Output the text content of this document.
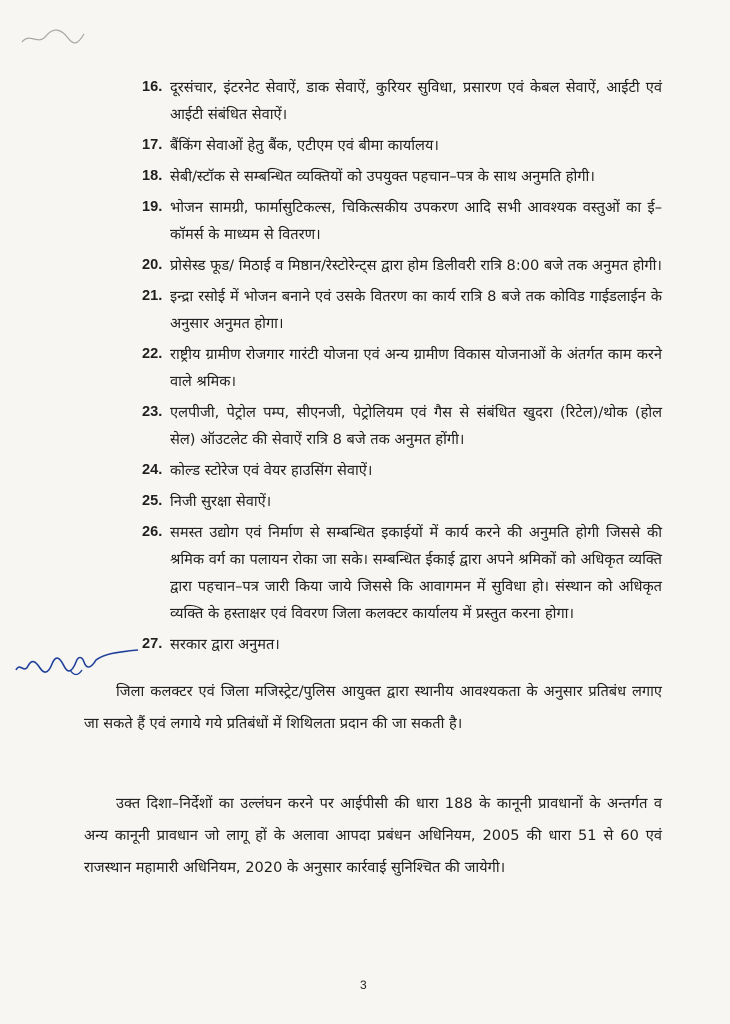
16. दूरसंचार, इंटरनेट सेवाऐं, डाक सेवाऐं, कुरियर सुविधा, प्रसारण एवं केबल सेवाऐं, आईटी एवं आईटी संबंधित सेवाऐं।
17. बैंकिंग सेवाओं हेतु बैंक, एटीएम एवं बीमा कार्यालय।
18. सेबी/स्टॉक से सम्बन्धित व्यक्तियों को उपयुक्त पहचान–पत्र के साथ अनुमति होगी।
19. भोजन सामग्री, फार्मासुटिकल्स, चिकित्सकीय उपकरण आदि सभी आवश्यक वस्तुओं का ई–कॉमर्स के माध्यम से वितरण।
20. प्रोसेस्ड फूड/ मिठाई व मिष्ठान/रेस्टोरेन्ट्स द्वारा होम डिलीवरी रात्रि 8:00 बजे तक अनुमत होगी।
21. इन्द्रा रसोई में भोजन बनाने एवं उसके वितरण का कार्य रात्रि 8 बजे तक कोविड गाईडलाईन के अनुसार अनुमत होगा।
22. राष्ट्रीय ग्रामीण रोजगार गारंटी योजना एवं अन्य ग्रामीण विकास योजनाओं के अंतर्गत काम करने वाले श्रमिक।
23. एलपीजी, पेट्रोल पम्प, सीएनजी, पेट्रोलियम एवं गैस से संबंधित खुदरा (रिटेल)/थोक (होल सेल) ऑउटलेट की सेवाऐं रात्रि 8 बजे तक अनुमत होंगी।
24. कोल्ड स्टोरेज एवं वेयर हाउसिंग सेवाऐं।
25. निजी सुरक्षा सेवाऐं।
26. समस्त उद्योग एवं निर्माण से सम्बन्धित इकाईयों में कार्य करने की अनुमति होगी जिससे की श्रमिक वर्ग का पलायन रोका जा सके। सम्बन्धित ईकाई द्वारा अपने श्रमिकों को अधिकृत व्यक्ति द्वारा पहचान–पत्र जारी किया जाये जिससे कि आवागमन में सुविधा हो। संस्थान को अधिकृत व्यक्ति के हस्ताक्षर एवं विवरण जिला कलक्टर कार्यालय में प्रस्तुत करना होगा।
27. सरकार द्वारा अनुमत।

जिला कलक्टर एवं जिला मजिस्ट्रेट/पुलिस आयुक्त द्वारा स्थानीय आवश्यकता के अनुसार प्रतिबंध लगाए जा सकते हैं एवं लगाये गये प्रतिबंधों में शिथिलता प्रदान की जा सकती है।

उक्त दिशा–निर्देशों का उल्लंघन करने पर आईपीसी की धारा 188 के कानूनी प्रावधानों के अन्तर्गत व अन्य कानूनी प्रावधान जो लागू हों के अलावा आपदा प्रबंधन अधिनियम, 2005 की धारा 51 से 60 एवं राजस्थान महामारी अधिनियम, 2020 के अनुसार कार्रवाई सुनिश्चित की जायेगी।

3
